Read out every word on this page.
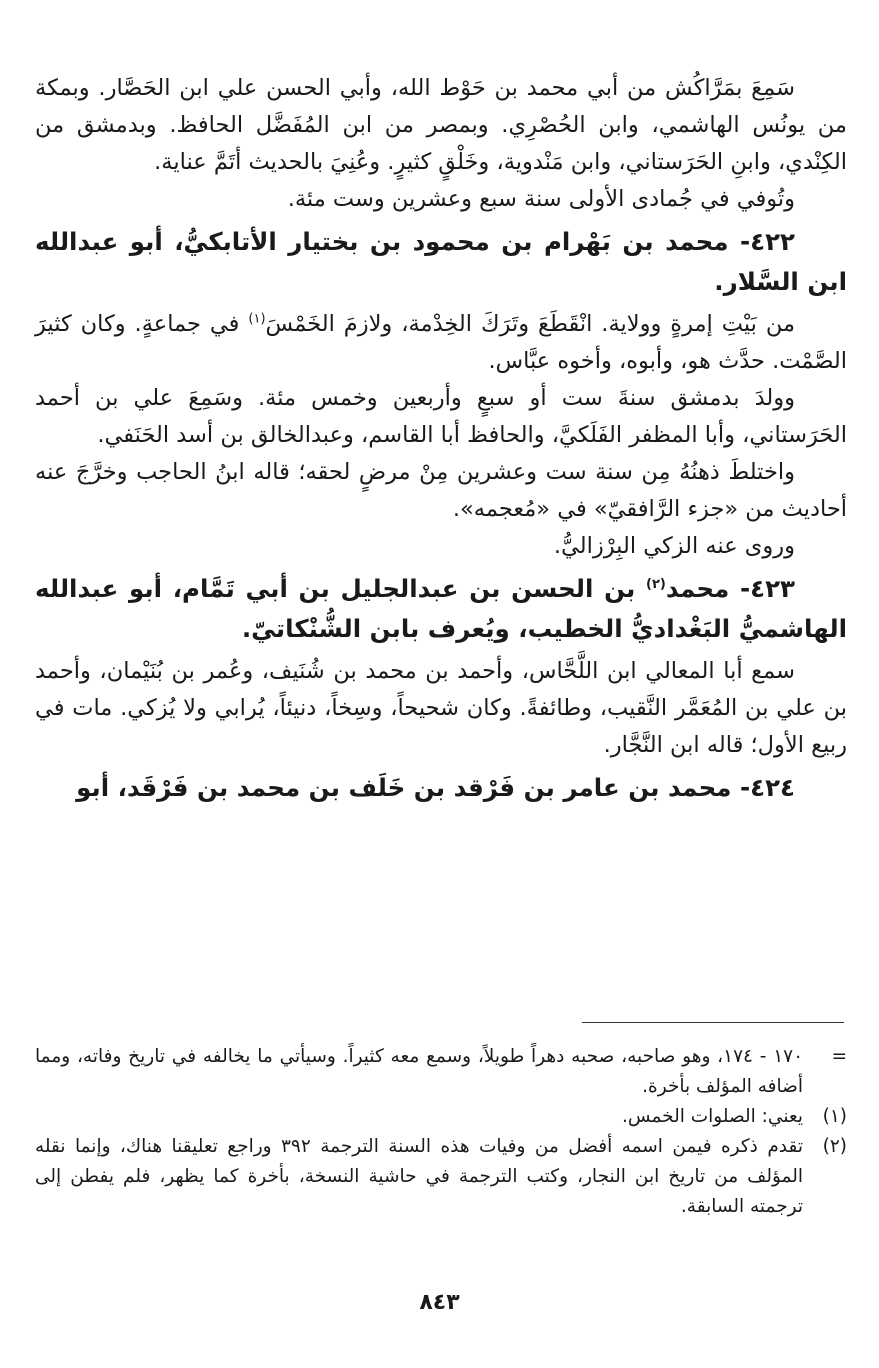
سَمِعَ بمَرَّاكُش من أبي محمد بن حَوْط الله، وأبي الحسن علي ابن الحَصَّار. وبمكة من يونُس الهاشمي، وابن الحُصْرِي. وبمصر من ابن المُفَضَّل الحافظ. وبدمشق من الكِنْدي، وابنِ الحَرَستاني، وابن مَنْدوية، وخَلْقٍ كثيرٍ. وعُنِيَ بالحديث أتَمَّ عناية.

وتُوفي في جُمادى الأولى سنة سبع وعشرين وست مئة.

٤٢٢- محمد بن بَهْرام بن محمود بن بختيار الأتابكيُّ، أبو عبدالله ابن السَّلار.

من بَيْتِ إمرةٍ وولاية. انْقَطَعَ وتَرَكَ الخِدْمة، ولازمَ الخَمْسَ$^{(١)}$ في جماعةٍ. وكان كثيرَ الصَّمْت. حدَّث هو، وأبوه، وأخوه عبَّاس.

وولدَ بدمشق سنةَ ست أو سبعٍ وأربعين وخمس مئة. وسَمِعَ علي بن أحمد الحَرَستاني، وأبا المظفر الفَلَكيَّ، والحافظ أبا القاسم، وعبدالخالق بن أسد الحَنَفي.

واختلطَ ذهنُهُ مِن سنة ست وعشرين مِنْ مرضٍ لحقه؛ قاله ابنُ الحاجب وخرَّجَ عنه أحاديث من «جزء الرَّافقيّ» في «مُعجمه».

وروى عنه الزكي البِرْزاليُّ.

٤٢٣- محمد$^{(٢)}$ بن الحسن بن عبدالجليل بن أبي تَمَّام، أبو عبدالله الهاشميُّ البَغْداديُّ الخطيب، ويُعرف بابن الشُّنْكاتيّ.

سمع أبا المعالي ابن اللَّحَّاس، وأحمد بن محمد بن شُنَيف، وعُمر بن بُنَيْمان، وأحمد بن علي بن المُعَمَّر النَّقيب، وطائفةً. وكان شحيحاً، وسِخاً، دنيئاً، يُرابي ولا يُزكي. مات في ربيع الأول؛ قاله ابن النَّجَّار.

٤٢٤- محمد بن عامر بن فَرْقد بن خَلَف بن محمد بن فَرْقَد، أبو

=
١٧٠ - ١٧٤، وهو صاحبه، صحبه دهراً طويلاً، وسمع معه كثيراً. وسيأتي ما يخالفه في تاريخ وفاته، ومما أضافه المؤلف بأخرة.
(١)
يعني: الصلوات الخمس.
(٢)
تقدم ذكره فيمن اسمه أفضل من وفيات هذه السنة الترجمة ٣٩٢ وراجع تعليقنا هناك، وإنما نقله المؤلف من تاريخ ابن النجار، وكتب الترجمة في حاشية النسخة، بأخرة كما يظهر، فلم يفطن إلى ترجمته السابقة.
٨٤٣
